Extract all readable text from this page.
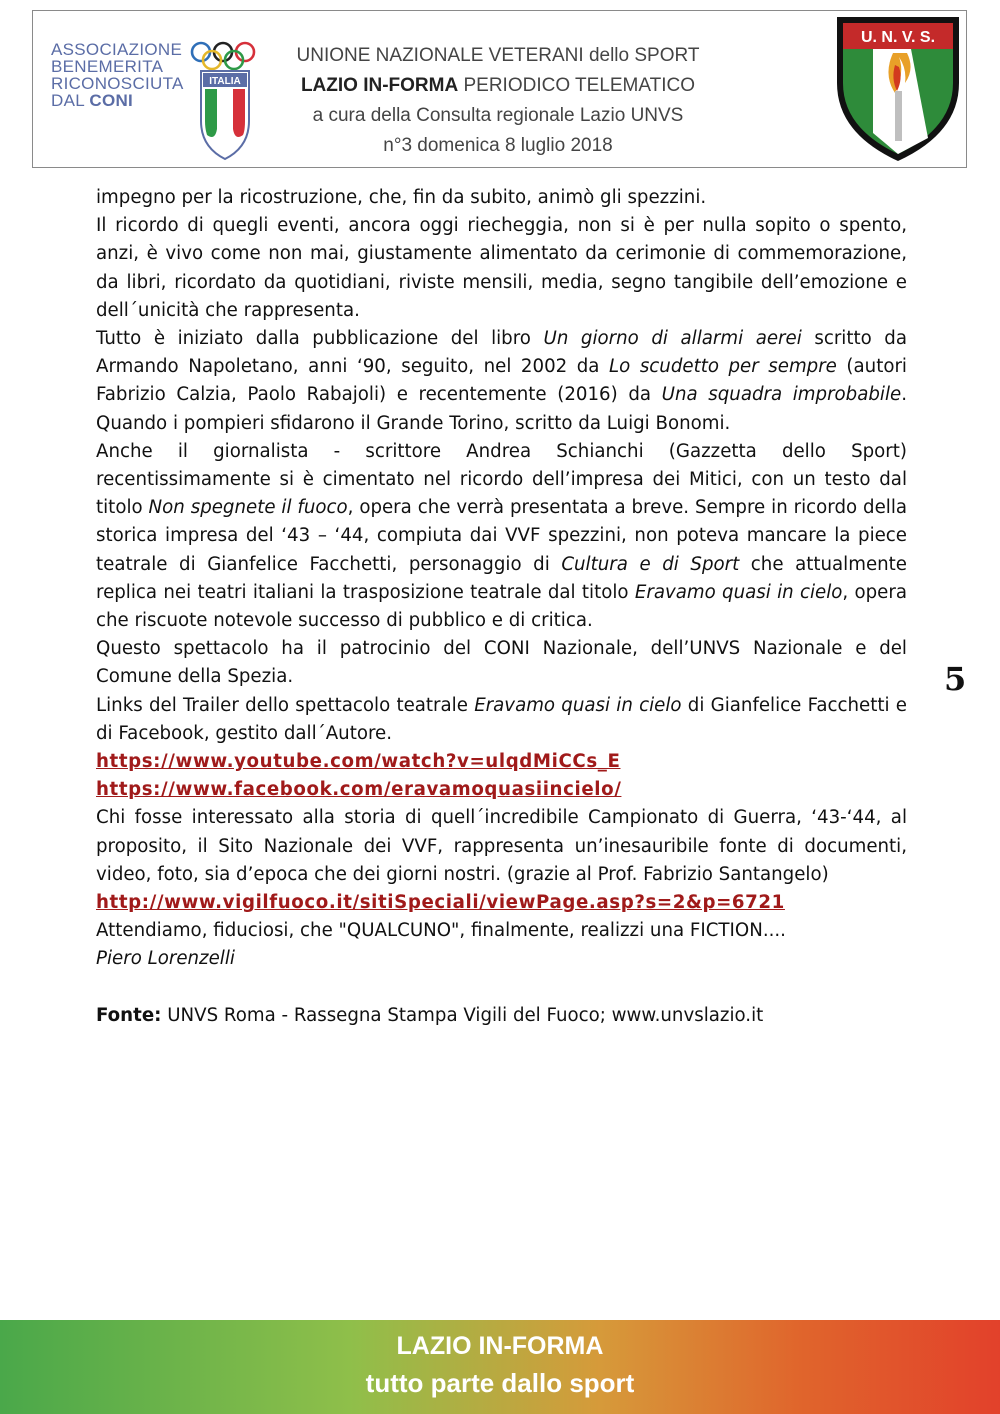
ASSOCIAZIONE
BENEMERITA
RICONOSCIUTA
DAL CONI
ITALIA
UNIONE NAZIONALE VETERANI dello SPORT
LAZIO IN-FORMA PERIODICO TELEMATICO
a cura della Consulta regionale Lazio UNVS
n°3 domenica 8 luglio 2018
U. N. V. S.

impegno per la ricostruzione, che, fin da subito, animò gli spezzini.

Il ricordo di quegli eventi, ancora oggi riecheggia, non si è per nulla sopito o spento, anzi, è vivo come non mai, giustamente alimentato da cerimonie di commemorazione, da libri, ricordato da quotidiani, riviste mensili, media, segno tangibile dell’emozione e dell´unicità che rappresenta.

Tutto è iniziato dalla pubblicazione del libro Un giorno di allarmi aerei scritto da Armando Napoletano, anni ‘90, seguito, nel 2002 da Lo scudetto per sempre (autori Fabrizio Calzia, Paolo Rabajoli) e recentemente (2016) da Una squadra improbabile. Quando i pompieri sfidarono il Grande Torino, scritto da Luigi Bonomi.

Anche il giornalista - scrittore Andrea Schianchi (Gazzetta dello Sport) recentissimamente si è cimentato nel ricordo dell’impresa dei Mitici, con un testo dal titolo Non spegnete il fuoco, opera che verrà presentata a breve. Sempre in ricordo della storica impresa del ‘43 – ‘44, compiuta dai VVF spezzini, non poteva mancare la piece teatrale di Gianfelice Facchetti, personaggio di Cultura e di Sport che attualmente replica nei teatri italiani la trasposizione teatrale dal titolo Eravamo quasi in cielo, opera che riscuote notevole successo di pubblico e di critica.

Questo spettacolo ha il patrocinio del CONI Nazionale, dell’UNVS Nazionale e del Comune della Spezia.

Links del Trailer dello spettacolo teatrale Eravamo quasi in cielo di Gianfelice Facchetti e di Facebook, gestito dall´Autore.

https://www.youtube.com/watch?v=ulqdMiCCs_E
https://www.facebook.com/eravamoquasiincielo/

Chi fosse interessato alla storia di quell´incredibile Campionato di Guerra, ‘43-‘44, al proposito, il Sito Nazionale dei VVF, rappresenta un’inesauribile fonte di documenti, video, foto, sia d’epoca che dei giorni nostri. (grazie al Prof. Fabrizio Santangelo)

http://www.vigilfuoco.it/sitiSpeciali/viewPage.asp?s=2&p=6721

Attendiamo, fiduciosi, che "QUALCUNO", finalmente, realizzi una FICTION....

Piero Lorenzelli

Fonte: UNVS Roma - Rassegna Stampa Vigili del Fuoco; www.unvslazio.it

5
LAZIO IN-FORMA
tutto parte dallo sport
